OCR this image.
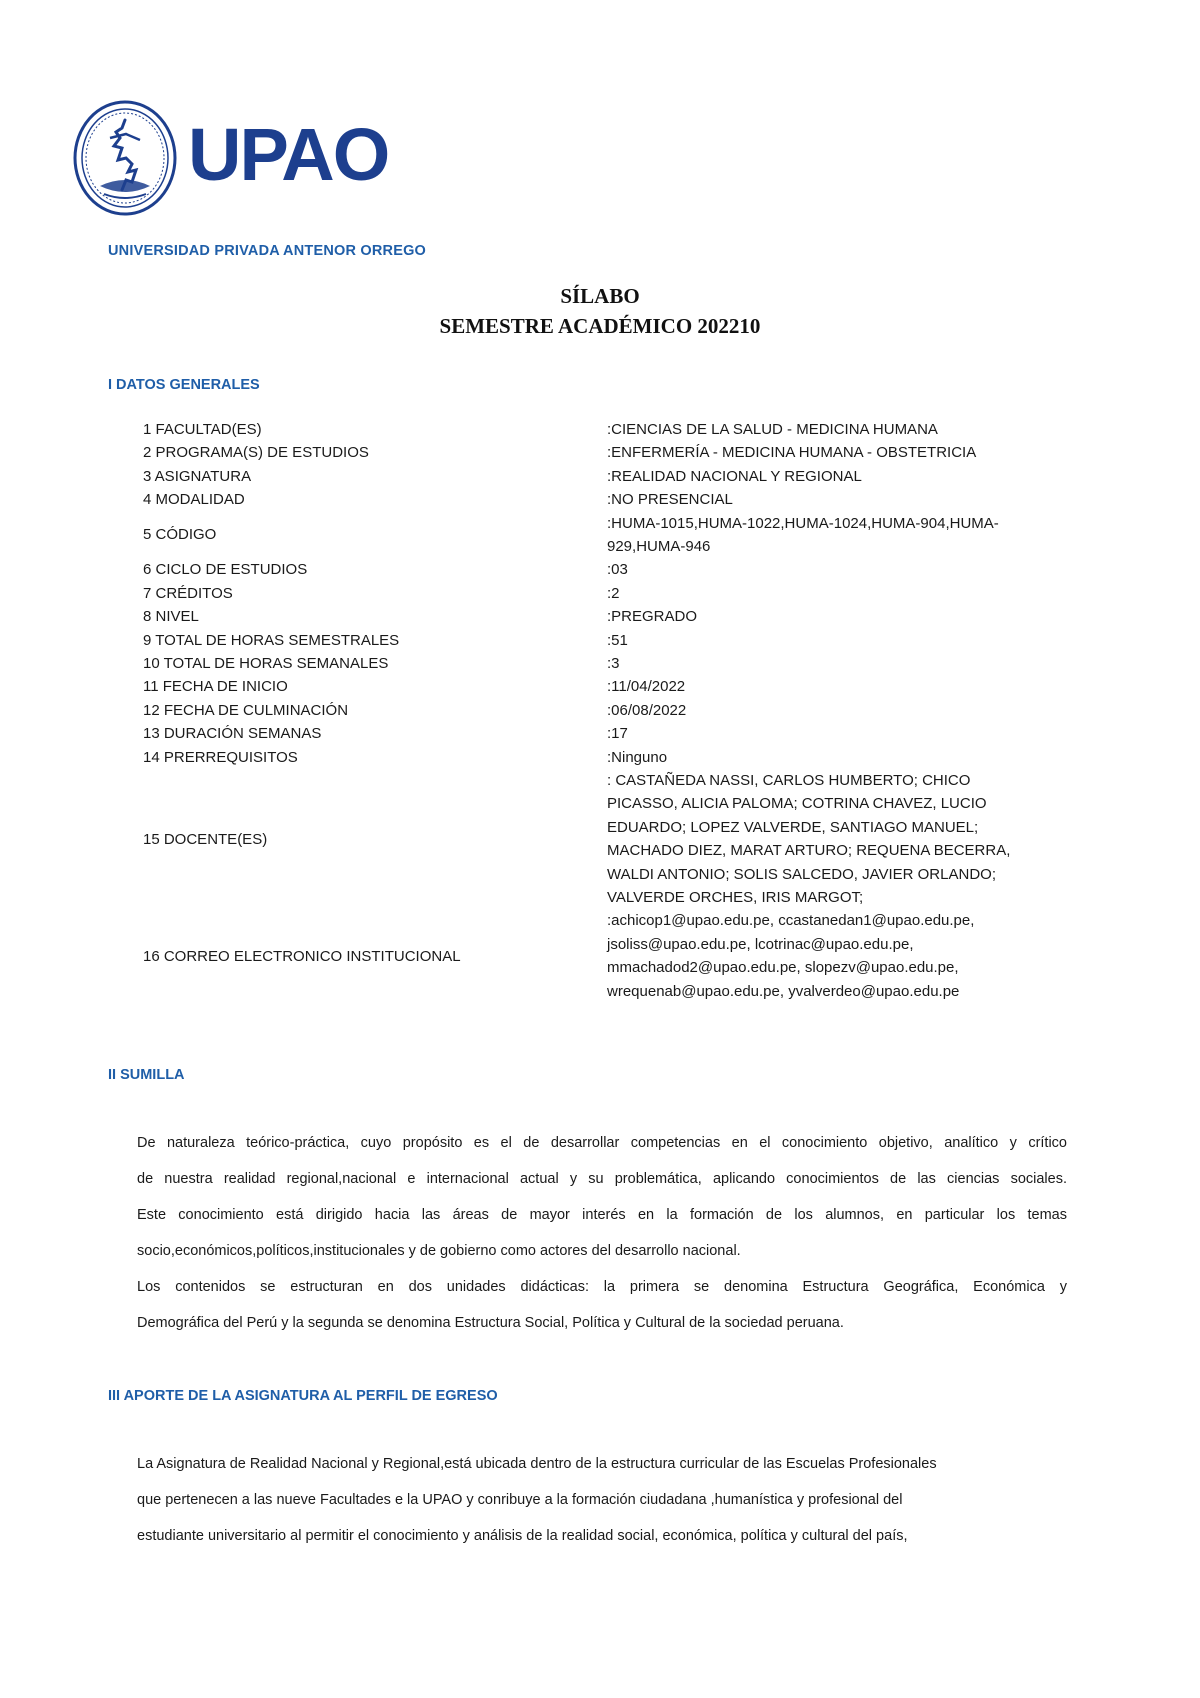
UPAO
UNIVERSIDAD PRIVADA ANTENOR ORREGO
SÍLABO
SEMESTRE ACADÉMICO 202210
I DATOS GENERALES
1 FACULTAD(ES)	:CIENCIAS DE LA SALUD - MEDICINA HUMANA
2 PROGRAMA(S) DE ESTUDIOS	:ENFERMERÍA - MEDICINA HUMANA - OBSTETRICIA
3 ASIGNATURA	:REALIDAD NACIONAL Y REGIONAL
4 MODALIDAD	:NO PRESENCIAL
5 CÓDIGO
:HUMA-1015,HUMA-1022,HUMA-1024,HUMA-904,HUMA-
929,HUMA-946
6 CICLO DE ESTUDIOS	:03
7 CRÉDITOS	:2
8 NIVEL	:PREGRADO
9 TOTAL DE HORAS SEMESTRALES	:51
10 TOTAL DE HORAS SEMANALES	:3
11 FECHA DE INICIO	:11/04/2022
12 FECHA DE CULMINACIÓN	:06/08/2022
13 DURACIÓN SEMANAS	:17
14 PRERREQUISITOS	:Ninguno
15 DOCENTE(ES)
: CASTAÑEDA NASSI, CARLOS HUMBERTO; CHICO
PICASSO, ALICIA PALOMA; COTRINA CHAVEZ, LUCIO
EDUARDO; LOPEZ VALVERDE, SANTIAGO MANUEL;
MACHADO DIEZ, MARAT ARTURO; REQUENA BECERRA,
WALDI ANTONIO; SOLIS SALCEDO, JAVIER ORLANDO;
VALVERDE ORCHES, IRIS MARGOT;
16 CORREO ELECTRONICO INSTITUCIONAL
:achicop1@upao.edu.pe, ccastanedan1@upao.edu.pe,
jsoliss@upao.edu.pe, lcotrinac@upao.edu.pe,
mmachadod2@upao.edu.pe, slopezv@upao.edu.pe,
wrequenab@upao.edu.pe, yvalverdeo@upao.edu.pe
II SUMILLA
De naturaleza teórico-práctica, cuyo propósito es el de desarrollar competencias en el conocimiento objetivo, analítico y crítico
de nuestra realidad regional,nacional e internacional actual y su problemática, aplicando conocimientos de las ciencias sociales.
Este conocimiento está dirigido hacia las áreas de mayor interés en la formación de los alumnos, en particular los temas
socio,económicos,políticos,institucionales y de gobierno como actores del desarrollo nacional.
Los contenidos se estructuran en dos unidades didácticas: la primera se denomina Estructura Geográfica, Económica y
Demográfica del Perú y la segunda se denomina Estructura Social, Política y Cultural de la sociedad peruana.
III APORTE DE LA ASIGNATURA AL PERFIL DE EGRESO
La Asignatura de Realidad Nacional y Regional,está ubicada dentro de la estructura curricular de las Escuelas Profesionales
que pertenecen a las nueve Facultades e la UPAO y conribuye a la formación ciudadana ,humanística y profesional del
estudiante universitario al permitir el conocimiento y análisis de la realidad social, económica, política y cultural del país,
